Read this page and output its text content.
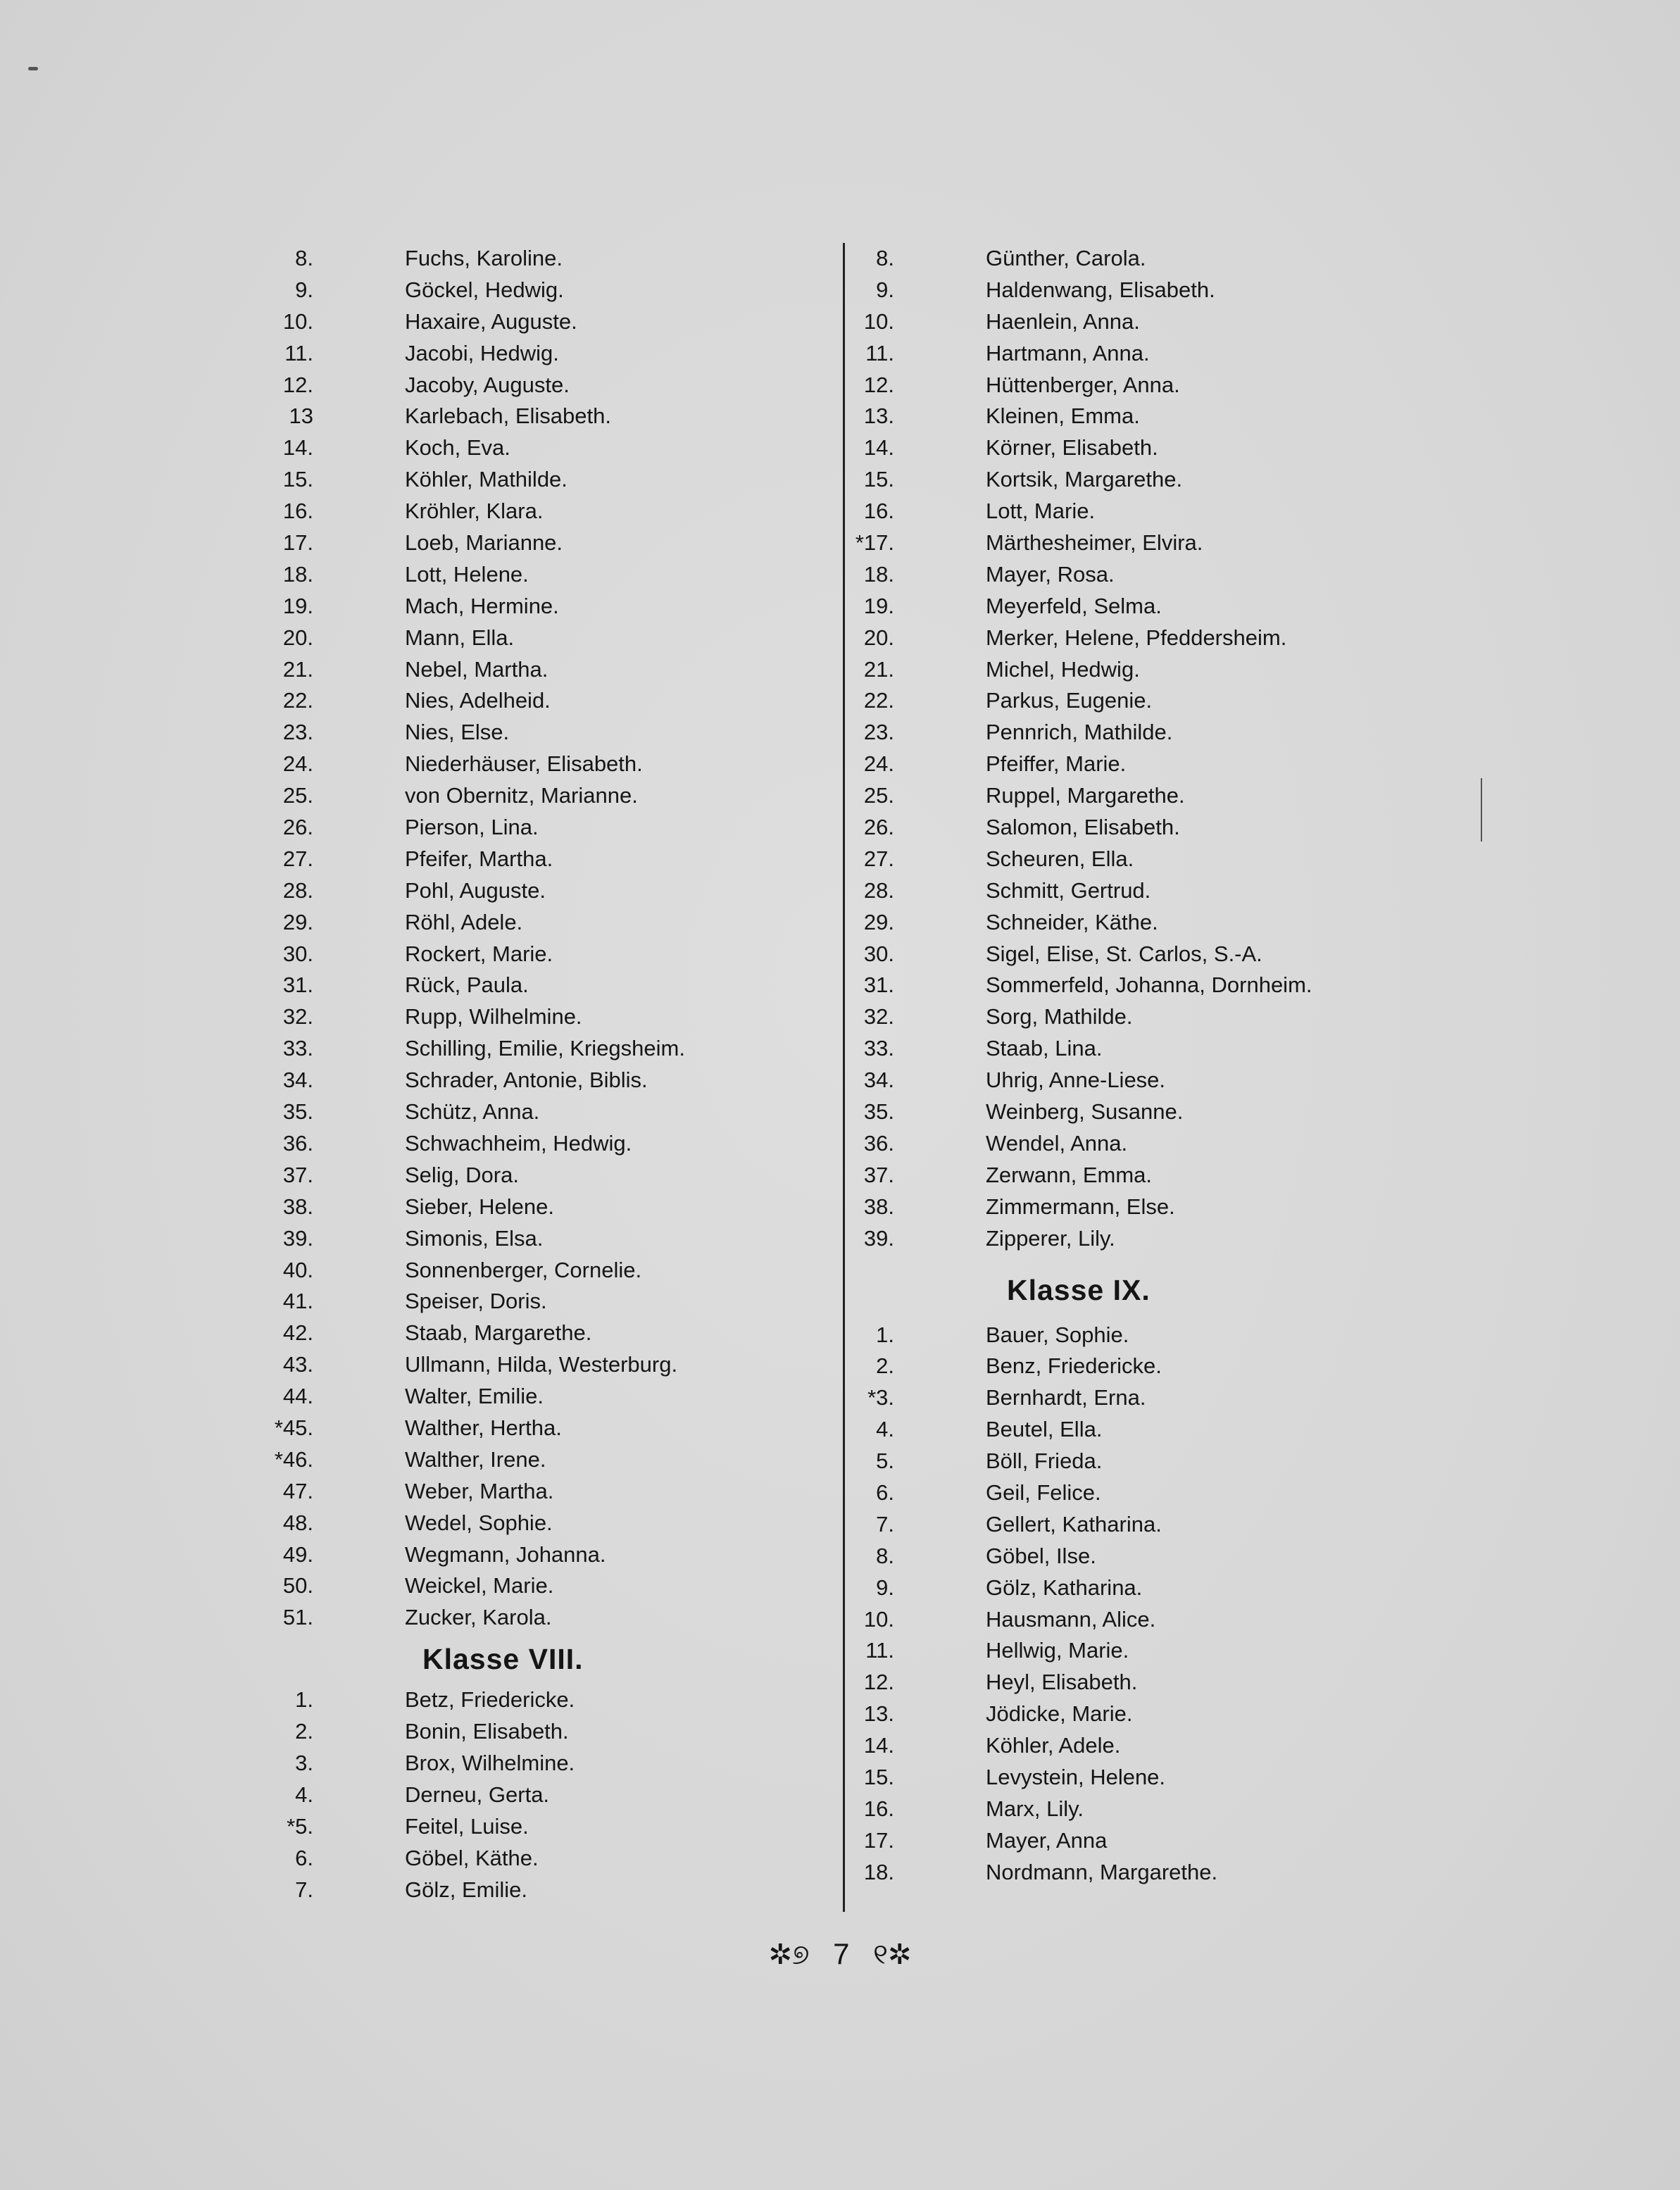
8.	Fuchs, Karoline.
9.	Göckel, Hedwig.
10.	Haxaire, Auguste.
11.	Jacobi, Hedwig.
12.	Jacoby, Auguste.
13	Karlebach, Elisabeth.
14.	Koch, Eva.
15.	Köhler, Mathilde.
16.	Kröhler, Klara.
17.	Loeb, Marianne.
18.	Lott, Helene.
19.	Mach, Hermine.
20.	Mann, Ella.
21.	Nebel, Martha.
22.	Nies, Adelheid.
23.	Nies, Else.
24.	Niederhäuser, Elisabeth.
25.	von Obernitz, Marianne.
26.	Pierson, Lina.
27.	Pfeifer, Martha.
28.	Pohl, Auguste.
29.	Röhl, Adele.
30.	Rockert, Marie.
31.	Rück, Paula.
32.	Rupp, Wilhelmine.
33.	Schilling, Emilie, Kriegsheim.
34.	Schrader, Antonie, Biblis.
35.	Schütz, Anna.
36.	Schwachheim, Hedwig.
37.	Selig, Dora.
38.	Sieber, Helene.
39.	Simonis, Elsa.
40.	Sonnenberger, Cornelie.
41.	Speiser, Doris.
42.	Staab, Margarethe.
43.	Ullmann, Hilda, Westerburg.
44.	Walter, Emilie.
*45.	Walther, Hertha.
*46.	Walther, Irene.
47.	Weber, Martha.
48.	Wedel, Sophie.
49.	Wegmann, Johanna.
50.	Weickel, Marie.
51.	Zucker, Karola.
Klasse VIII.
1.	Betz, Friedericke.
2.	Bonin, Elisabeth.
3.	Brox, Wilhelmine.
4.	Derneu, Gerta.
*5.	Feitel, Luise.
6.	Göbel, Käthe.
7.	Gölz, Emilie.
8.	Günther, Carola.
9.	Haldenwang, Elisabeth.
10.	Haenlein, Anna.
11.	Hartmann, Anna.
12.	Hüttenberger, Anna.
13.	Kleinen, Emma.
14.	Körner, Elisabeth.
15.	Kortsik, Margarethe.
16.	Lott, Marie.
*17.	Märthesheimer, Elvira.
18.	Mayer, Rosa.
19.	Meyerfeld, Selma.
20.	Merker, Helene, Pfeddersheim.
21.	Michel, Hedwig.
22.	Parkus, Eugenie.
23.	Pennrich, Mathilde.
24.	Pfeiffer, Marie.
25.	Ruppel, Margarethe.
26.	Salomon, Elisabeth.
27.	Scheuren, Ella.
28.	Schmitt, Gertrud.
29.	Schneider, Käthe.
30.	Sigel, Elise, St. Carlos, S.-A.
31.	Sommerfeld, Johanna, Dornheim.
32.	Sorg, Mathilde.
33.	Staab, Lina.
34.	Uhrig, Anne-Liese.
35.	Weinberg, Susanne.
36.	Wendel, Anna.
37.	Zerwann, Emma.
38.	Zimmermann, Else.
39.	Zipperer, Lily.
Klasse IX.
1.	Bauer, Sophie.
2.	Benz, Friedericke.
*3.	Bernhardt, Erna.
4.	Beutel, Ella.
5.	Böll, Frieda.
6.	Geil, Felice.
7.	Gellert, Katharina.
8.	Göbel, Ilse.
9.	Gölz, Katharina.
10.	Hausmann, Alice.
11.	Hellwig, Marie.
12.	Heyl, Elisabeth.
13.	Jödicke, Marie.
14.	Köhler, Adele.
15.	Levystein, Helene.
16.	Marx, Lily.
17.	Mayer, Anna
18.	Nordmann, Margarethe.
✲୭ 7 ୧✲
